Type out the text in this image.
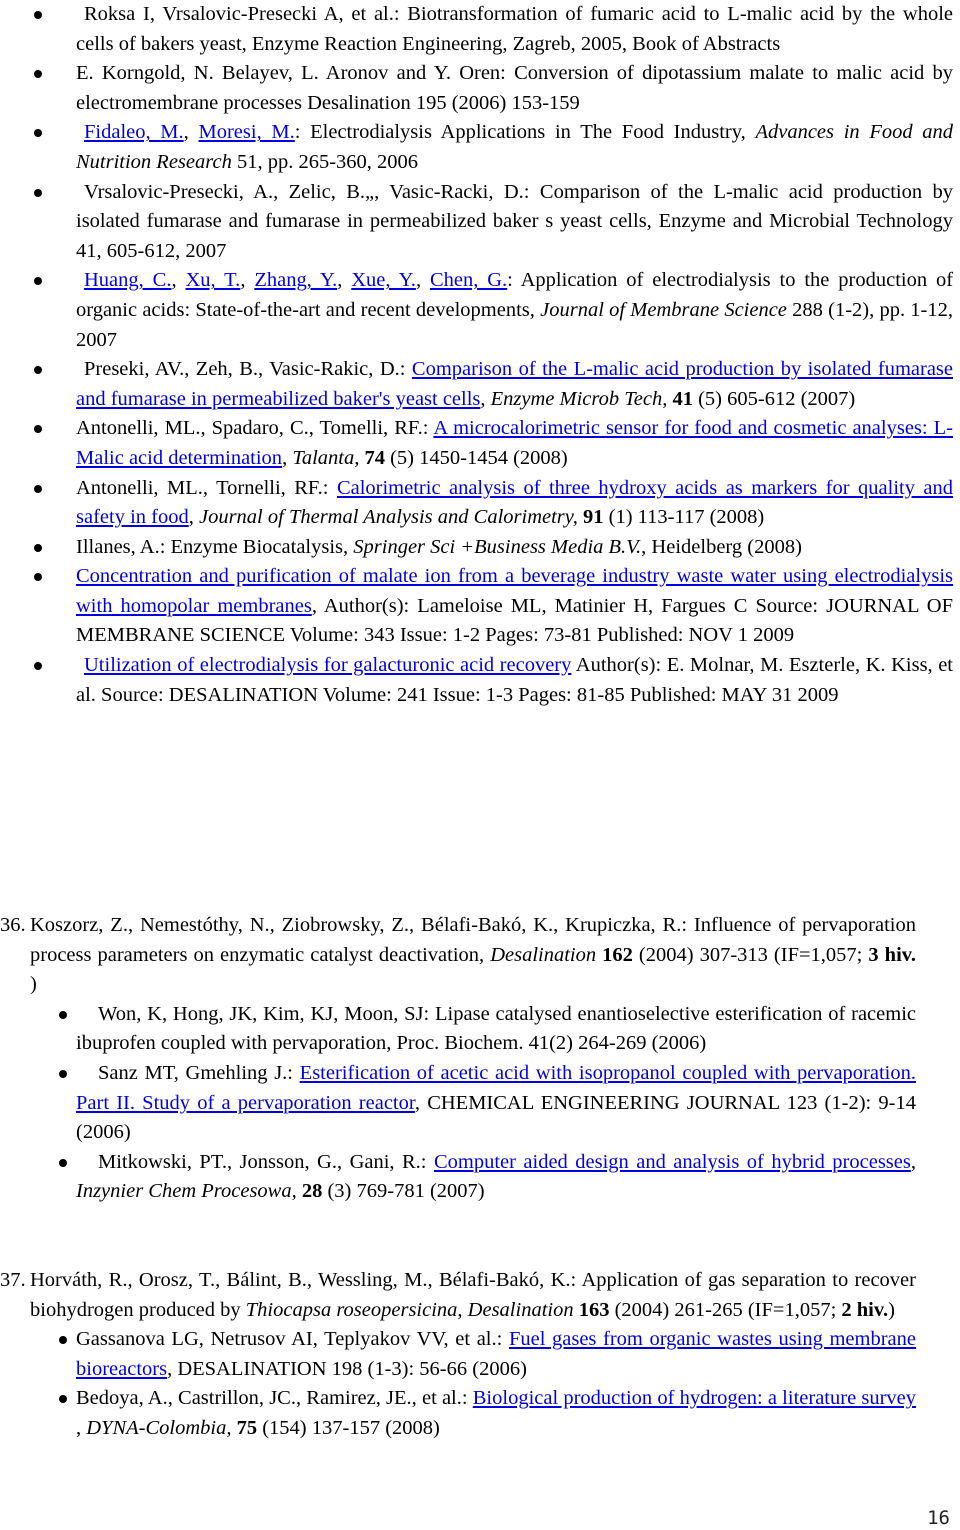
Roksa I, Vrsalovic-Presecki A, et al.: Biotransformation of fumaric acid to L-malic acid by the whole cells of bakers yeast, Enzyme Reaction Engineering, Zagreb, 2005, Book of Abstracts
E. Korngold, N. Belayev, L. Aronov and Y. Oren: Conversion of dipotassium malate to malic acid by electromembrane processes Desalination 195 (2006) 153-159
Fidaleo, M., Moresi, M.: Electrodialysis Applications in The Food Industry, Advances in Food and Nutrition Research 51, pp. 265-360, 2006
Vrsalovic-Presecki, A., Zelic, B.„, Vasic-Racki, D.: Comparison of the L-malic acid production by isolated fumarase and fumarase in permeabilized baker s yeast cells, Enzyme and Microbial Technology 41, 605-612, 2007
Huang, C., Xu, T., Zhang, Y., Xue, Y., Chen, G.: Application of electrodialysis to the production of organic acids: State-of-the-art and recent developments, Journal of Membrane Science 288 (1-2), pp. 1-12, 2007
Preseki, AV., Zeh, B., Vasic-Rakic, D.: Comparison of the L-malic acid production by isolated fumarase and fumarase in permeabilized baker's yeast cells, Enzyme Microb Tech, 41 (5) 605-612 (2007)
Antonelli, ML., Spadaro, C., Tomelli, RF.: A microcalorimetric sensor for food and cosmetic analyses: L-Malic acid determination, Talanta, 74 (5) 1450-1454 (2008)
Antonelli, ML., Tornelli, RF.: Calorimetric analysis of three hydroxy acids as markers for quality and safety in food, Journal of Thermal Analysis and Calorimetry, 91 (1) 113-117 (2008)
Illanes, A.: Enzyme Biocatalysis, Springer Sci +Business Media B.V., Heidelberg (2008)
Concentration and purification of malate ion from a beverage industry waste water using electrodialysis with homopolar membranes, Author(s): Lameloise ML, Matinier H, Fargues C Source: JOURNAL OF MEMBRANE SCIENCE Volume: 343 Issue: 1-2 Pages: 73-81 Published: NOV 1 2009
Utilization of electrodialysis for galacturonic acid recovery Author(s): E. Molnar, M. Eszterle, K. Kiss, et al. Source: DESALINATION Volume: 241 Issue: 1-3 Pages: 81-85 Published: MAY 31 2009
36. Koszorz, Z., Nemestóthy, N., Ziobrowsky, Z., Bélafi-Bakó, K., Krupiczka, R.: Influence of pervaporation process parameters on enzymatic catalyst deactivation, Desalination 162 (2004) 307-313 (IF=1,057; 3 hiv. )
Won, K, Hong, JK, Kim, KJ, Moon, SJ: Lipase catalysed enantioselective esterification of racemic ibuprofen coupled with pervaporation, Proc. Biochem. 41(2) 264-269 (2006)
Sanz MT, Gmehling J.: Esterification of acetic acid with isopropanol coupled with pervaporation. Part II. Study of a pervaporation reactor, CHEMICAL ENGINEERING JOURNAL 123 (1-2): 9-14 (2006)
Mitkowski, PT., Jonsson, G., Gani, R.: Computer aided design and analysis of hybrid processes, Inzynier Chem Procesowa, 28 (3) 769-781 (2007)
37. Horváth, R., Orosz, T., Bálint, B., Wessling, M., Bélafi-Bakó, K.: Application of gas separation to recover biohydrogen produced by Thiocapsa roseopersicina, Desalination 163 (2004) 261-265 (IF=1,057; 2 hiv.)
Gassanova LG, Netrusov AI, Teplyakov VV, et al.: Fuel gases from organic wastes using membrane bioreactors, DESALINATION 198 (1-3): 56-66 (2006)
Bedoya, A., Castrillon, JC., Ramirez, JE., et al.: Biological production of hydrogen: a literature survey , DYNA-Colombia, 75 (154) 137-157 (2008)
16
